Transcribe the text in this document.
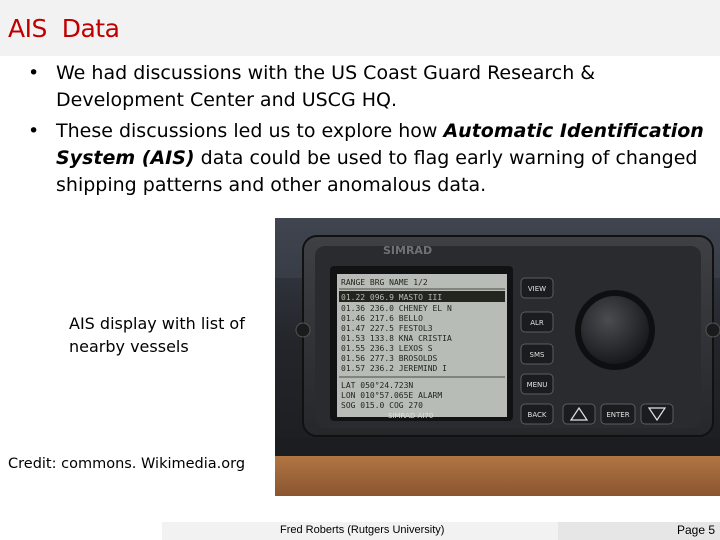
AIS  Data
• We had discussions with the US Coast Guard Research & Development Center and USCG HQ.
• These discussions led us to explore how Automatic Identification System (AIS) data could be used to flag early warning of changed shipping patterns and other anomalous data.
RANGE BRG NAME 1/2
01.22 096.9 MASTO III
01.36 236.0 CHENEY EL N
01.46 217.6 BELLO
01.47 227.5 FESTOL3
01.53 133.8 KNA CRISTIA
01.55 236.3 LEXOS S
01.56 277.3 BROSOLDS
01.57 236.2 JEREMIND I
LAT 050°24.723N
LON 010°57.065E ALARM
SOG 015.0 COG 270
SIMRAD
SIMRAD AI70
VIEW
ALR
SMS
MENU
BACK	ENTER
AIS display with list of nearby vessels
Credit: commons. Wikimedia.org
Fred Roberts (Rutgers University)	Page 5
